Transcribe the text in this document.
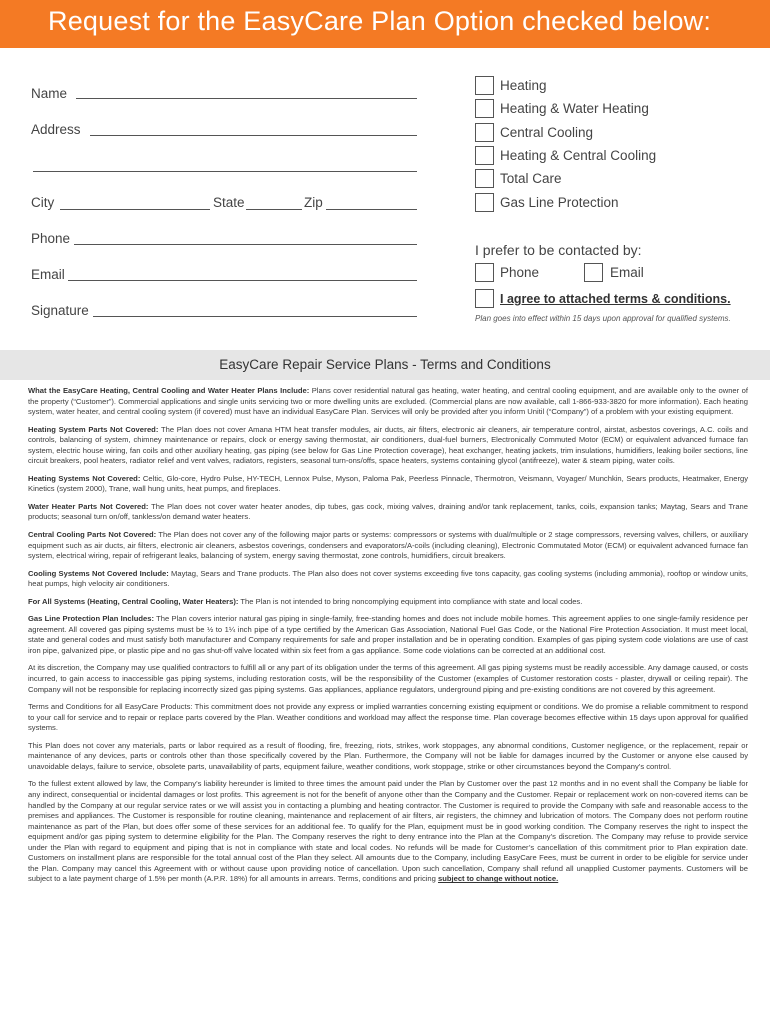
Request for the EasyCare Plan Option checked below:
Name
Address
City	State	Zip
Phone
Email
Signature
Heating
Heating & Water Heating
Central Cooling
Heating & Central Cooling
Total Care
Gas Line Protection
I prefer to be contacted by:
Phone	Email
I agree to attached terms & conditions.
Plan goes into effect within 15 days upon approval for qualified systems.
EasyCare Repair Service Plans - Terms and Conditions

What the EasyCare Heating, Central Cooling and Water Heater Plans Include: Plans cover residential natural gas heating, water heating, and central cooling equipment, and are available only to the owner of the property (“Customer”). Commercial applications and single units servicing two or more dwelling units are excluded. (Commercial plans are now available, call 1-866-933-3820 for more information). Each heating system, water heater, and central cooling system (if covered) must have an individual EasyCare Plan. Services will only be provided after you inform Unitil (“Company”) of a problem with your existing equipment.

Heating System Parts Not Covered: The Plan does not cover Amana HTM heat transfer modules, air ducts, air filters, electronic air cleaners, air temperature control, airstat, asbestos coverings, A.C. coils and controls, balancing of system, chimney maintenance or repairs, clock or energy saving thermostat, air conditioners, dual-fuel burners, Electronically Commuted Motor (ECM) or equivalent advanced furnace fan system, electric house wiring, fan coils and other auxiliary heating, gas piping (see below for Gas Line Protection coverage), heat exchanger, heating jackets, trim insulations, humidifiers, leaking boiler sections, line circuit breakers, pool heaters, radiator relief and vent valves, radiators, registers, seasonal turn-ons/offs, space heaters, systems containing glycol (antifreeze), water & steam piping, water coils.

Heating Systems Not Covered: Celtic, Glo-core, Hydro Pulse, HY-TECH, Lennox Pulse, Myson, Paloma Pak, Peerless Pinnacle, Thermotron, Veismann, Voyager/ Munchkin, Sears products, Heatmaker, Energy Kinetics (system 2000), Trane, wall hung units, heat pumps, and fireplaces.

Water Heater Parts Not Covered: The Plan does not cover water heater anodes, dip tubes, gas cock, mixing valves, draining and/or tank replacement, tanks, coils, expansion tanks; Maytag, Sears and Trane products; seasonal turn on/off, tankless/on demand water heaters.

Central Cooling Parts Not Covered: The Plan does not cover any of the following major parts or systems: compressors or systems with dual/multiple or 2 stage compressors, reversing valves, chillers, or auxiliary equipment such as air ducts, air filters, electronic air cleaners, asbestos coverings, condensers and evaporators/A-coils (including cleaning), Electronic Commutated Motor (ECM) or equivalent advanced furnace fan system, electrical wiring, repair of refrigerant leaks, balancing of system, energy saving thermostat, zone controls, humidifiers, circuit breakers.

Cooling Systems Not Covered Include: Maytag, Sears and Trane products. The Plan also does not cover systems exceeding five tons capacity, gas cooling systems (including ammonia), rooftop or window units, heat pumps, high velocity air conditioners.

For All Systems (Heating, Central Cooling, Water Heaters): The Plan is not intended to bring noncomplying equipment into compliance with state and local codes.

Gas Line Protection Plan Includes: The Plan covers interior natural gas piping in single-family, free-standing homes and does not include mobile homes. This agreement applies to one single-family residence per agreement. All covered gas piping systems must be ½ to 1¼ inch pipe of a type certified by the American Gas Association, National Fuel Gas Code, or the National Fire Protection Association. It must meet local, state and general codes and must satisfy both manufacturer and Company requirements for safe and proper installation and be in operating condition. Examples of gas piping system code violations are use of cast iron pipe, galvanized pipe, or plastic pipe and no gas shut-off valve located within six feet from a gas appliance. Some code violations can be corrected at an additional cost.

At its discretion, the Company may use qualified contractors to fulfill all or any part of its obligation under the terms of this agreement. All gas piping systems must be readily accessible. Any damage caused, or costs incurred, to gain access to inaccessible gas piping systems, including restoration costs, will be the responsibility of the Customer (examples of Customer restoration costs - plaster, drywall or ceiling repair). The Company will not be responsible for replacing incorrectly sized gas piping systems. Gas appliances, appliance regulators, underground piping and pre-existing conditions are not covered by this agreement.

Terms and Conditions for all EasyCare Products: This commitment does not provide any express or implied warranties concerning existing equipment or conditions. We do promise a reliable commitment to respond to your call for service and to repair or replace parts covered by the Plan. Weather conditions and workload may affect the response time. Plan coverage becomes effective within 15 days upon approval for qualified systems.

This Plan does not cover any materials, parts or labor required as a result of flooding, fire, freezing, riots, strikes, work stoppages, any abnormal conditions, Customer negligence, or the replacement, repair or maintenance of any devices, parts or controls other than those specifically covered by the Plan. Furthermore, the Company will not be liable for damages incurred by the Customer or anyone else caused by unavoidable delays, failure to service, obsolete parts, unavailability of parts, equipment failure, weather conditions, work stoppage, strike or other circumstances beyond the Company’s control.

To the fullest extent allowed by law, the Company’s liability hereunder is limited to three times the amount paid under the Plan by Customer over the past 12 months and in no event shall the Company be liable for any indirect, consequential or incidental damages or lost profits. This agreement is not for the benefit of anyone other than the Company and the Customer. Repair or replacement work on non-covered items can be handled by the Company at our regular service rates or we will assist you in contacting a plumbing and heating contractor. The Customer is required to provide the Company with safe and reasonable access to the premises and appliances. The Customer is responsible for routine cleaning, maintenance and replacement of air filters, air registers, the chimney and lubrication of motors. The Company does not perform routine maintenance as part of the Plan, but does offer some of these services for an additional fee. To qualify for the Plan, equipment must be in good working condition. The Company reserves the right to inspect the equipment and/or gas piping system to determine eligibility for the Plan. The Company reserves the right to deny entrance into the Plan at the Company’s discretion. The Company may refuse to provide service under the Plan with regard to equipment and piping that is not in compliance with state and local codes. No refunds will be made for Customer’s cancellation of this commitment prior to Plan expiration date. Customers on installment plans are responsible for the total annual cost of the Plan they select. All amounts due to the Company, including EasyCare Fees, must be current in order to be eligible for service under the Plan. Company may cancel this Agreement with or without cause upon providing notice of cancellation. Upon such cancellation, Company shall refund all unapplied Customer payments. Customers will be subject to a late payment charge of 1.5% per month (A.P.R. 18%) for all amounts in arrears. Terms, conditions and pricing subject to change without notice.
